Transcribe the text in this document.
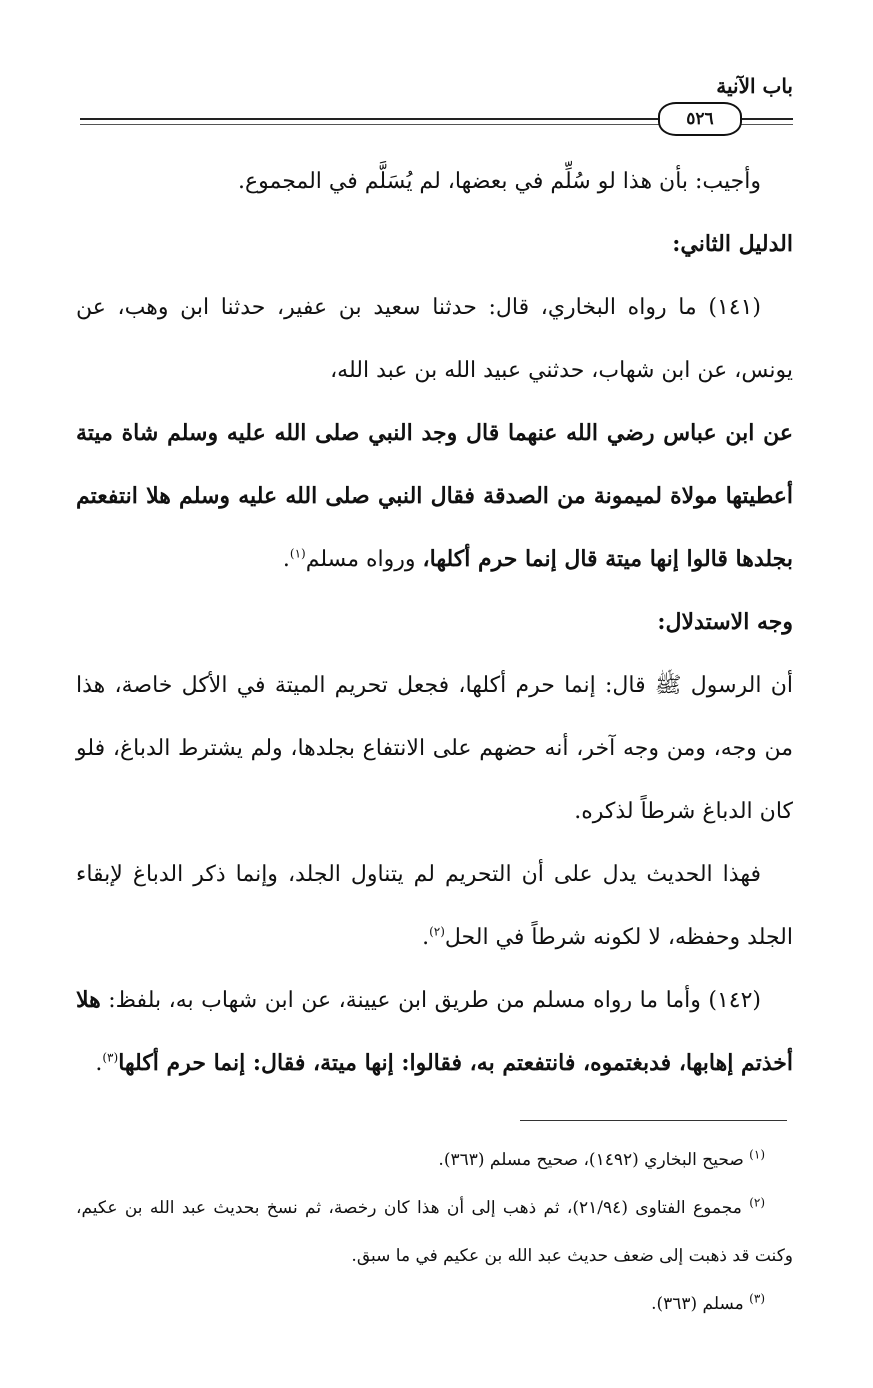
باب الآنية
٥٢٦

وأجيب: بأن هذا لو سُلِّم في بعضها، لم يُسَلَّم في المجموع.

الدليل الثاني:

(١٤١) ما رواه البخاري، قال: حدثنا سعيد بن عفير، حدثنا ابن وهب، عن يونس، عن ابن شهاب، حدثني عبيد الله بن عبد الله،

عن ابن عباس رضي الله عنهما قال وجد النبي صلى الله عليه وسلم شاة ميتة أعطيتها مولاة لميمونة من الصدقة فقال النبي صلى الله عليه وسلم هلا انتفعتم بجلدها قالوا إنها ميتة قال إنما حرم أكلها، ورواه مسلم$^{(١)}$.

وجه الاستدلال:

أن الرسول ﷺ قال: إنما حرم أكلها، فجعل تحريم الميتة في الأكل خاصة، هذا من وجه، ومن وجه آخر، أنه حضهم على الانتفاع بجلدها، ولم يشترط الدباغ، فلو كان الدباغ شرطاً لذكره.

فهذا الحديث يدل على أن التحريم لم يتناول الجلد، وإنما ذكر الدباغ لإبقاء الجلد وحفظه، لا لكونه شرطاً في الحل$^{(٢)}$.

(١٤٢) وأما ما رواه مسلم من طريق ابن عيينة، عن ابن شهاب به، بلفظ: هلا أخذتم إهابها، فدبغتموه، فانتفعتم به، فقالوا: إنها ميتة، فقال: إنما حرم أكلها$^{(٣)}$.

$^{(١)}$ صحيح البخاري (١٤٩٢)، صحيح مسلم (٣٦٣).

$^{(٢)}$ مجموع الفتاوى (٢١/٩٤)، ثم ذهب إلى أن هذا كان رخصة، ثم نسخ بحديث عبد الله بن عكيم، وكنت قد ذهبت إلى ضعف حديث عبد الله بن عكيم في ما سبق.

$^{(٣)}$ مسلم (٣٦٣).
